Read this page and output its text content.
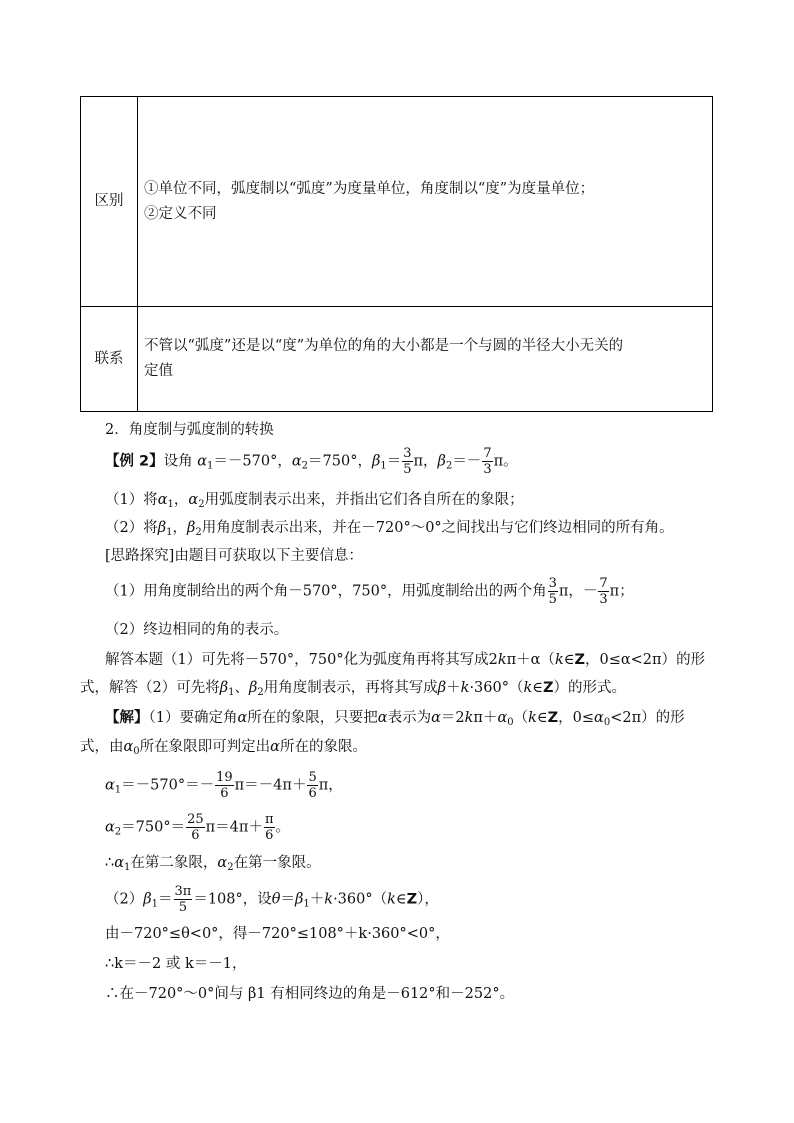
区别	①单位不同，弧度制以“弧度”为度量单位，角度制以“度”为度量单位；
②定义不同

联系	不管以“弧度”还是以“度”为单位的角的大小都是一个与圆的半径大小无关的
定值
2．角度制与弧度制的转换
【例 2】设角 $\alpha_1=-570^\circ$，$\alpha_2=750^\circ$，$\beta_1= \frac{3}{5}$ π，$\beta_2=- \frac{7}{3}$ π。
（1）将$\alpha_1$，$\alpha_2$用弧度制表示出来，并指出它们各自所在的象限；
（2）将$\beta_1$，$\beta_2$用角度制表示出来，并在－720°～0°之间找出与它们终边相同的所有角。
[思路探究]由题目可获取以下主要信息：
（1）用角度制给出的两个角－570°，750°，用弧度制给出的两个角 $\frac{3}{5}$ π，－ $\frac{7}{3}$ π；
（2）终边相同的角的表示。
解答本题（1）可先将－570°，750°化为弧度角再将其写成2kπ＋α（k∈Z，0≤α<2π）的形
式，解答（2）可先将$\beta_1$、$\beta_2$用角度制表示，再将其写成β＋k·360°（k∈Z）的形式。
【解】（1）要确定角α所在的象限，只要把α表示为$\alpha=2k\pi+\alpha_0(k\in Z$，$0\le\alpha_0<2\pi$）的形
式，由$\alpha_0$所在象限即可判定出α所在的象限。
$\alpha_1=-570^\circ=- \frac{19}{6} \pi=-4\pi+ \frac{5}{6}$ π，
$\alpha_2=750^\circ= \frac{25}{6} \pi=4\pi+ \frac{\pi}{6}$ 。
$\therefore\alpha_1$在第二象限，$\alpha_2$在第一象限。
$(2)\beta_1= \frac{3\pi}{5} =108^\circ$，设$\theta=\beta_1+k\cdot 360^\circ(k\in Z)$，
由－720°≤θ<0°，得－720°≤108°＋k·360°<0°，
∴k＝－2 或 k＝－1，
∴在－720°～0°间与 β1 有相同终边的角是－612°和－252°。
